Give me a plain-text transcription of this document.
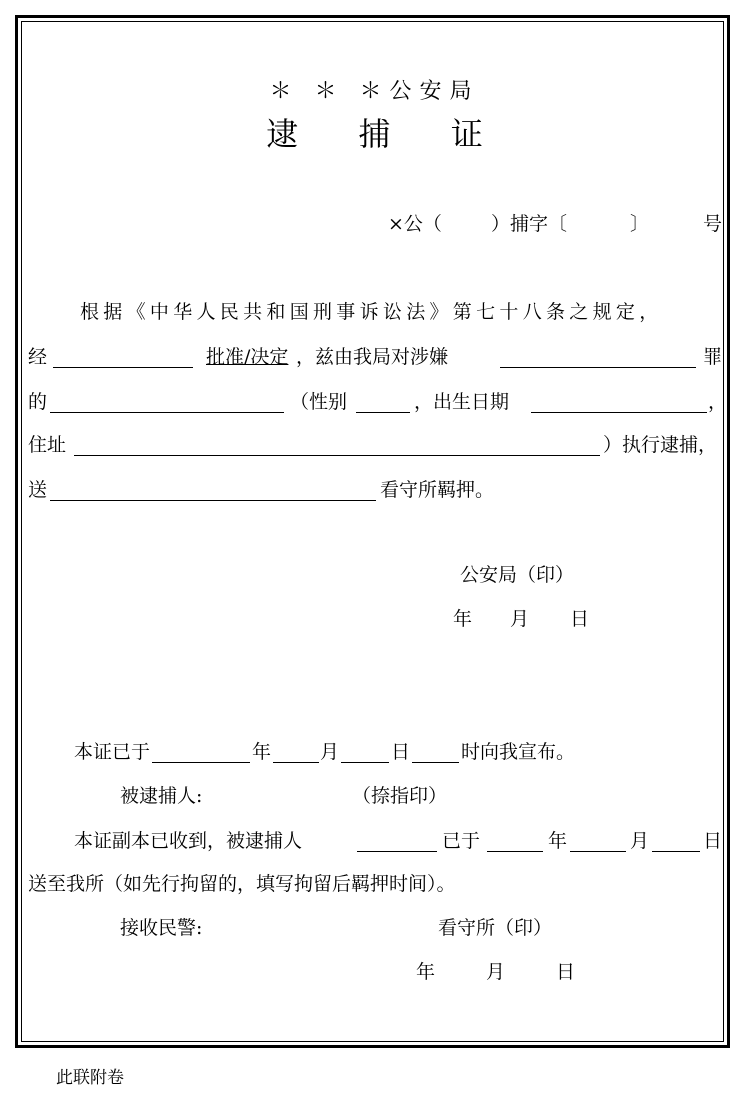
＊ ＊ ＊公安局
逮 捕 证
×公（	）捕字〔	〕	号
根据《中华人民共和国刑事诉讼法》第七十八条之规定，
经	批准/决定 ，兹由我局对涉嫌	罪
的	（性别	，出生日期	，
住址	）执行逮捕，
送	看守所羁押。
公安局（印）
年 月 日
本证已于	年	月	日	时向我宣布。
被逮捕人:	（捺指印）
本证副本已收到，被逮捕人	已于	年	月	日
送至我所（如先行拘留的，填写拘留后羁押时间）。
接收民警:	看守所（印）
年	月	日
此联附卷
